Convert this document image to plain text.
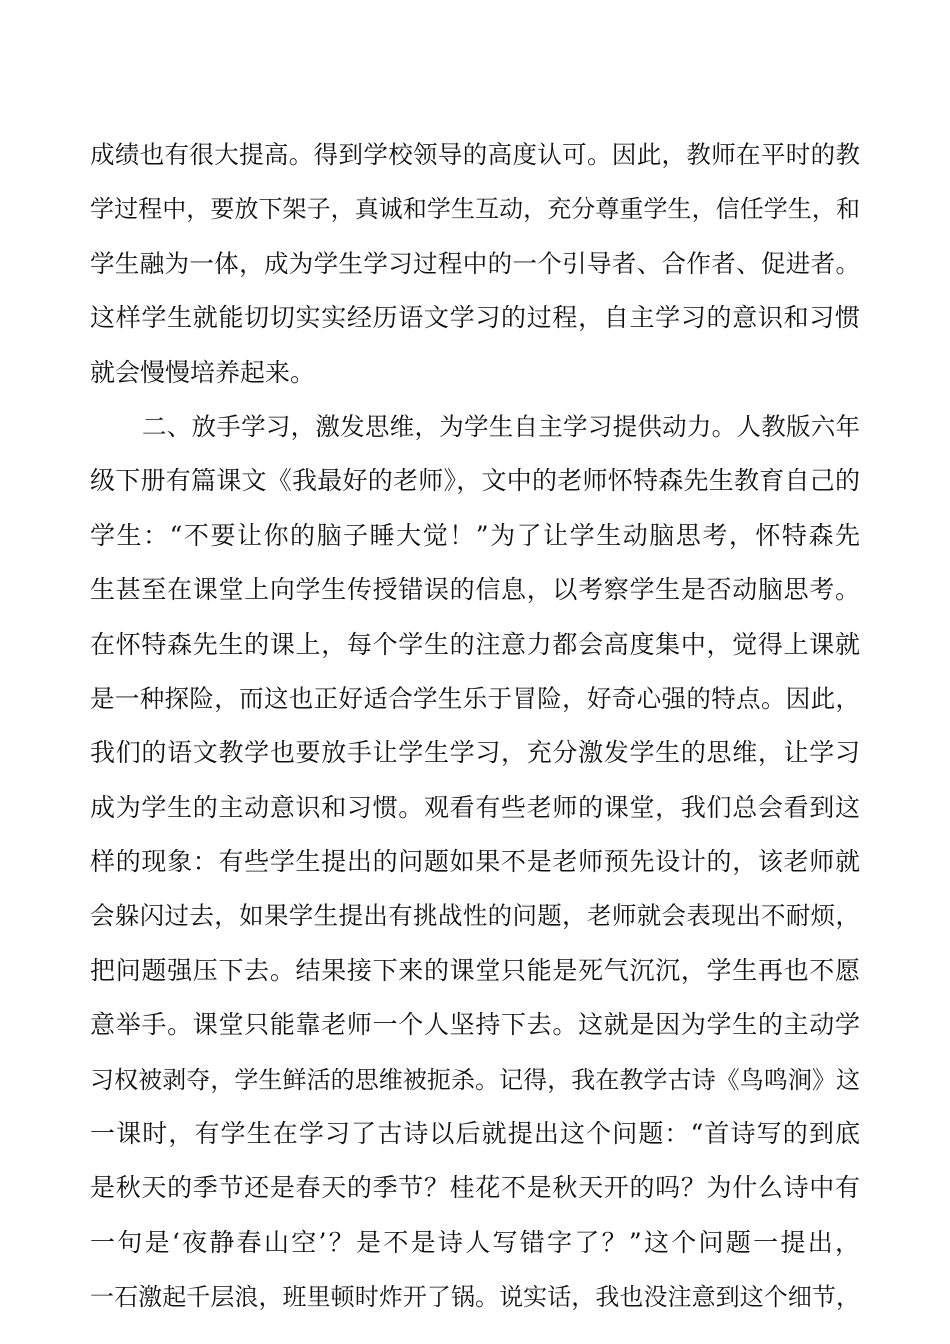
成绩也有很大提高。得到学校领导的高度认可。因此，教师在平时的教
学过程中，要放下架子，真诚和学生互动，充分尊重学生，信任学生，和
学生融为一体，成为学生学习过程中的一个引导者、合作者、促进者。
这样学生就能切切实实经历语文学习的过程，自主学习的意识和习惯
就会慢慢培养起来。
二、放手学习，激发思维，为学生自主学习提供动力。人教版六年
级下册有篇课文《我最好的老师》，文中的老师怀特森先生教育自己的
学生：“不要让你的脑子睡大觉！”为了让学生动脑思考，怀特森先
生甚至在课堂上向学生传授错误的信息，以考察学生是否动脑思考。
在怀特森先生的课上，每个学生的注意力都会高度集中，觉得上课就
是一种探险，而这也正好适合学生乐于冒险，好奇心强的特点。因此，
我们的语文教学也要放手让学生学习，充分激发学生的思维，让学习
成为学生的主动意识和习惯。观看有些老师的课堂，我们总会看到这
样的现象：有些学生提出的问题如果不是老师预先设计的，该老师就
会躲闪过去，如果学生提出有挑战性的问题，老师就会表现出不耐烦，
把问题强压下去。结果接下来的课堂只能是死气沉沉，学生再也不愿
意举手。课堂只能靠老师一个人坚持下去。这就是因为学生的主动学
习权被剥夺，学生鲜活的思维被扼杀。记得，我在教学古诗《鸟鸣涧》这
一课时，有学生在学习了古诗以后就提出这个问题：“首诗写的到底
是秋天的季节还是春天的季节？桂花不是秋天开的吗？为什么诗中有
一句是‘夜静春山空’？是不是诗人写错字了？”这个问题一提出，
一石激起千层浪，班里顿时炸开了锅。说实话，我也没注意到这个细节，
